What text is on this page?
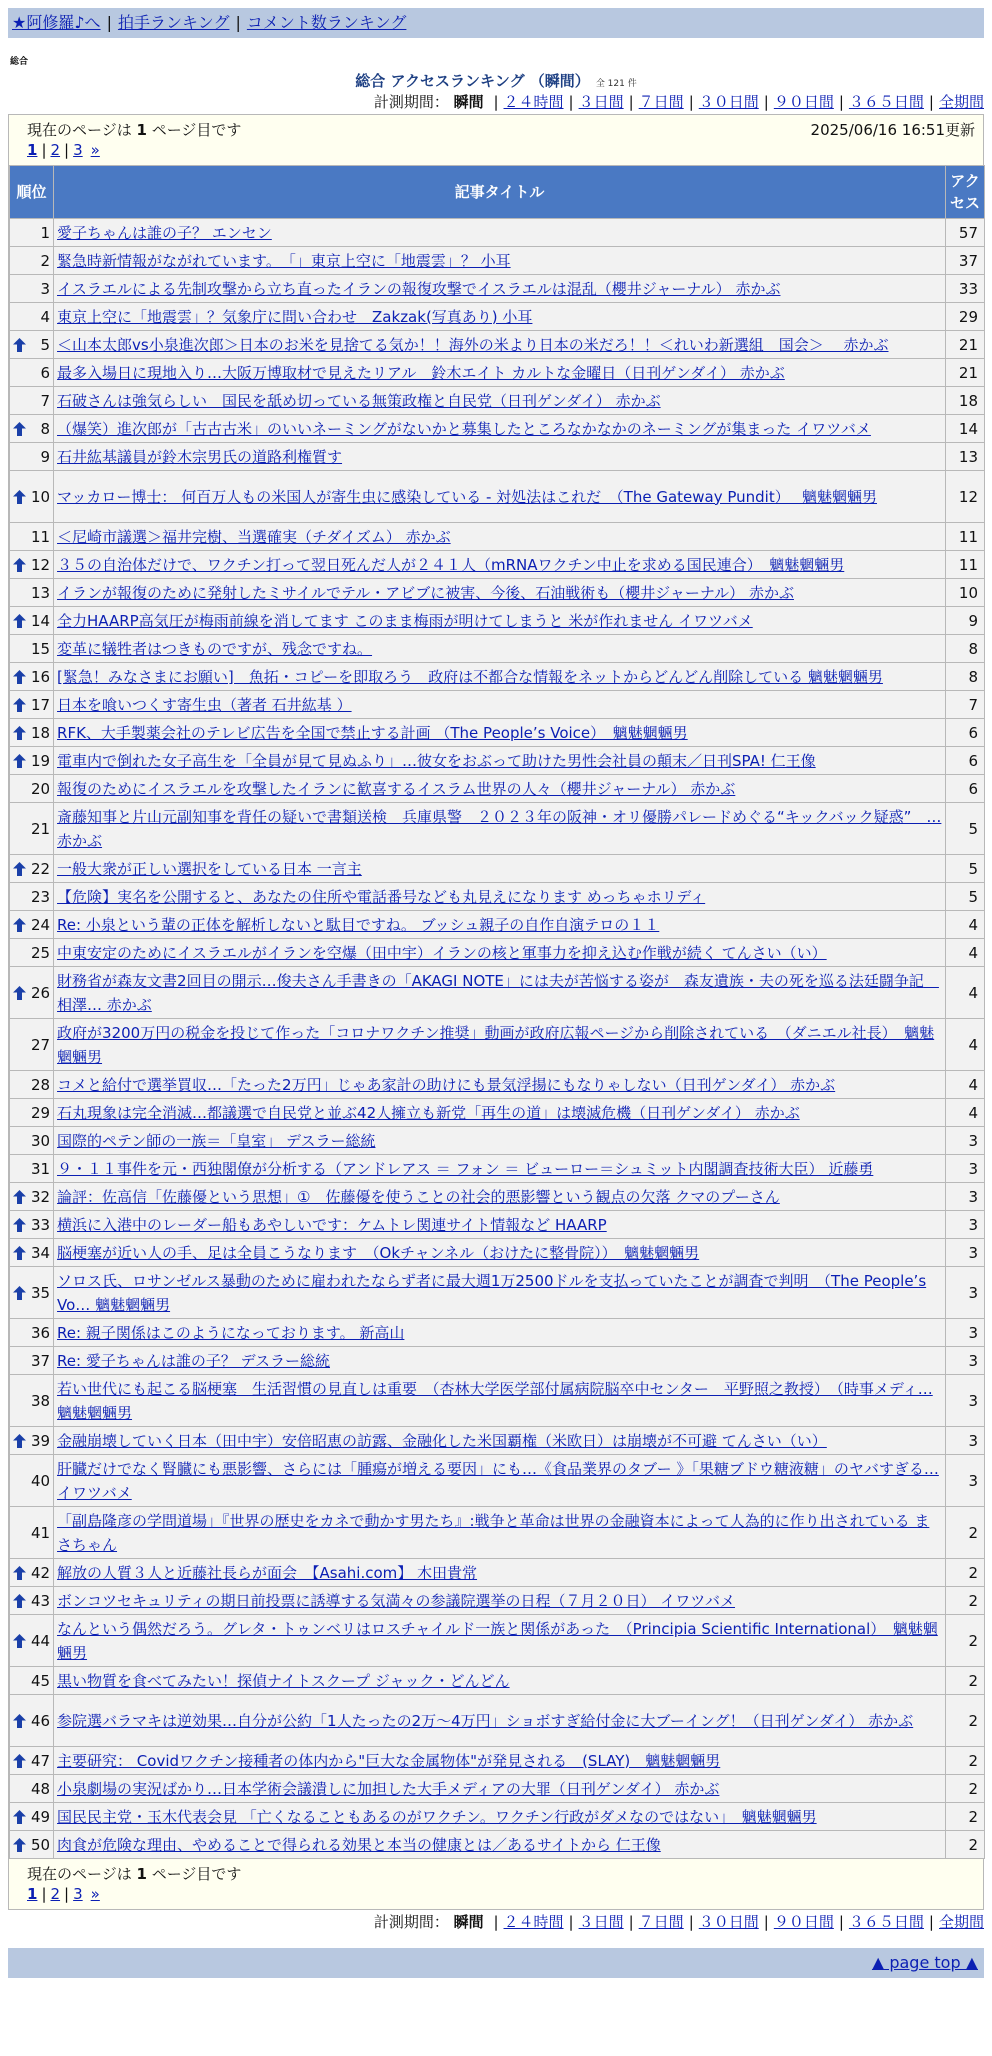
★阿修羅♪へ | 拍手ランキング | コメント数ランキング
総合
総合 アクセスランキング （瞬間） 全 121 件
計測期間： 瞬間 | ２４時間 | ３日間 | ７日間 | ３０日間 | ９０日間 | ３６５日間 | 全期間
現在のページは 1 ページ目です	2025/06/16 16:51更新
1 | 2 | 3 »
順位	記事タイトル	アクセス
1	愛子ちゃんは誰の子？ エンセン	57
2	緊急時新情報がながれています。　「」東京上空に「地震雲」？ 小耳	37
3	イスラエルによる先制攻撃から立ち直ったイランの報復攻撃でイスラエルは混乱（櫻井ジャーナル） 赤かぶ	33
4	東京上空に「地震雲」？気象庁に問い合わせ　Zakzak(写真あり) 小耳	29

5	＜山本太郎vs小泉進次郎＞日本のお米を見捨てる気か！！海外の米より日本の米だろ！！＜れいわ新選組　国会＞　 赤かぶ	21
6	最多入場日に現地入り…大阪万博取材で見えたリアル　鈴木エイト カルトな金曜日（日刊ゲンダイ） 赤かぶ	21
7	石破さんは強気らしい　国民を舐め切っている無策政権と自民党（日刊ゲンダイ） 赤かぶ	18

8	（爆笑）進次郎が「古古古米」のいいネーミングがないかと募集したところなかなかのネーミングが集まった イワツバメ	14
9	石井紘基議員が鈴木宗男氏の道路利権質す	13

10	マッカロー博士： 何百万人もの米国人が寄生虫に感染している - 対処法はこれだ　（The Gateway Pundit）　 魑魅魍魎男	12
11	＜尼崎市議選＞福井完樹、当選確実（チダイズム） 赤かぶ	11

12	３５の自治体だけで、ワクチン打って翌日死んだ人が２４１人（mRNAワクチン中止を求める国民連合）　魑魅魍魎男	11
13	イランが報復のために発射したミサイルでテル・アビブに被害、今後、石油戦術も（櫻井ジャーナル） 赤かぶ	10

14	全力HAARP高気圧が梅雨前線を消してます このまま梅雨が明けてしまうと 米が作れません イワツバメ	9
15	変革に犠牲者はつきものですが、残念ですね。	8

16	[緊急！みなさまにお願い]　魚拓・コピーを即取ろう　政府は不都合な情報をネットからどんどん削除している 魑魅魍魎男	8

17	日本を喰いつくす寄生虫（著者 石井紘基 ）	7

18	RFK、大手製薬会社のテレビ広告を全国で禁止する計画 （The People’s Voice）　魑魅魍魎男	6

19	電車内で倒れた女子高生を「全員が見て見ぬふり」…彼女をおぶって助けた男性会社員の顛末／日刊SPA! 仁王像	6
20	報復のためにイスラエルを攻撃したイランに歓喜するイスラム世界の人々（櫻井ジャーナル） 赤かぶ	6
21	斎藤知事と片山元副知事を背任の疑いで書類送検　兵庫県警　２０２３年の阪神・オリ優勝パレードめぐる“キックバック疑惑”　… 赤かぶ	5

22	一般大衆が正しい選択をしている日本 一言主	5
23	【危険】実名を公開すると、あなたの住所や電話番号なども丸見えになります めっちゃホリディ	5

24	Re: 小泉という輩の正体を解析しないと駄目ですね。 ブッシュ親子の自作自演テロの１１	4
25	中東安定のためにイスラエルがイランを空爆（田中宇）イランの核と軍事力を抑え込む作戦が続く てんさい（い）	4

26	財務省が森友文書2回目の開示…俊夫さん手書きの「AKAGI NOTE」には夫が苦悩する姿が　森友遺族・夫の死を巡る法廷闘争記　相澤… 赤かぶ	4
27	政府が3200万円の税金を投じて作った「コロナワクチン推奨」動画が政府広報ページから削除されている　（ダニエル社長）　魑魅魍魎男	4
28	コメと給付で選挙買収…「たった2万円」じゃあ家計の助けにも景気浮揚にもなりゃしない（日刊ゲンダイ） 赤かぶ	4
29	石丸現象は完全消滅…都議選で自民党と並ぶ42人擁立も新党「再生の道」は壊滅危機（日刊ゲンダイ） 赤かぶ	4
30	国際的ペテン師の一族＝「皇室」 デスラー総統	3
31	９・１１事件を元・西独閣僚が分析する（アンドレアス ＝ フォン ＝ ビューロー＝シュミット内閣調査技術大臣） 近藤勇	3

32	論評：佐高信「佐藤優という思想」①　佐藤優を使うことの社会的悪影響という観点の欠落 クマのプーさん	3

33	横浜に入港中のレーダー船もあやしいです：ケムトレ関連サイト情報など HAARP	3

34	脳梗塞が近い人の手、足は全員こうなります　（Okチャンネル（おけたに整骨院））　魑魅魍魎男	3

35	ソロス氏、ロサンゼルス暴動のために雇われたならず者に最大週1万2500ドルを支払っていたことが調査で判明　（The People’s Vo… 魑魅魍魎男	3
36	Re: 親子関係はこのようになっております。 新高山	3
37	Re: 愛子ちゃんは誰の子？ デスラー総統	3
38	若い世代にも起こる脳梗塞　生活習慣の見直しは重要　（杏林大学医学部付属病院脳卒中センター　平野照之教授）　（時事メディ… 魑魅魍魎男	3

39	金融崩壊していく日本（田中宇）安倍昭恵の訪露、金融化した米国覇権（米欧日）は崩壊が不可避 てんさい（い）	3
40	肝臓だけでなく腎臓にも悪影響、さらには「腫瘍が増える要因」にも…《食品業界のタブー 》「果糖ブドウ糖液糖」のヤバすぎる… イワツバメ	3
41	「副島隆彦の学問道場」『世界の歴史をカネで動かす男たち』:戦争と革命は世界の金融資本によって人為的に作り出されている まさちゃん	2

42	解放の人質３人と近藤社長らが面会　【Asahi.com】 木田貴常	2

43	ボンコツセキュリティの期日前投票に誘導する気満々の参議院選挙の日程（７月２０日） イワツバメ	2

44	なんという偶然だろう。グレタ・トゥンベリはロスチャイルド一族と関係があった　（Principia Scientific International）　魑魅魍魎男	2
45	黒い物質を食べてみたい！探偵ナイトスクープ ジャック・どんどん	2

46	参院選バラマキは逆効果…自分が公約「1人たったの2万〜4万円」ショボすぎ給付金に大ブーイング！（日刊ゲンダイ） 赤かぶ	2

47	主要研究： Covidワクチン接種者の体内から"巨大な金属物体"が発見される　(SLAY)　魑魅魍魎男	2
48	小泉劇場の実況ばかり…日本学術会議潰しに加担した大手メディアの大罪（日刊ゲンダイ） 赤かぶ	2

49	国民民主党・玉木代表会見 「亡くなることもあるのがワクチン。ワクチン行政がダメなのではない」　魑魅魍魎男	2

50	肉食が危険な理由、やめることで得られる効果と本当の健康とは／あるサイトから 仁王像	2
現在のページは 1 ページ目です
1 | 2 | 3 »
計測期間： 瞬間 | ２４時間 | ３日間 | ７日間 | ３０日間 | ９０日間 | ３６５日間 | 全期間
▲ page top ▲
